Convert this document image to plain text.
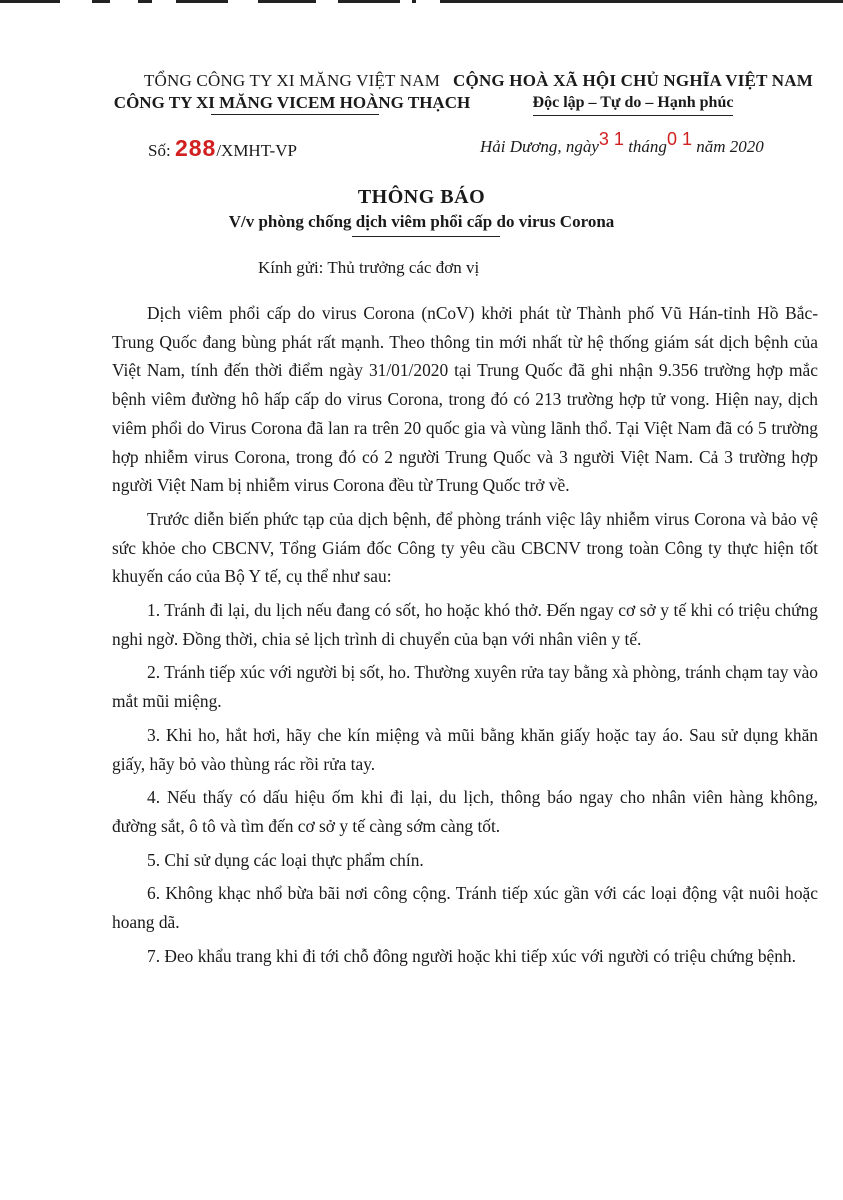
TỔNG CÔNG TY XI MĂNG VIỆT NAM
CÔNG TY XI MĂNG VICEM HOÀNG THẠCH
CỘNG HOÀ XÃ HỘI CHỦ NGHĨA VIỆT NAM
Độc lập – Tự do – Hạnh phúc
Số: 288/XMHT-VP	Hải Dương, ngày3 1 tháng0 1 năm 2020
THÔNG BÁO
V/v phòng chống dịch viêm phổi cấp do virus Corona
Kính gửi: Thủ trưởng các đơn vị

Dịch viêm phổi cấp do virus Corona (nCoV) khởi phát từ Thành phố Vũ Hán-tỉnh Hồ Bắc- Trung Quốc đang bùng phát rất mạnh. Theo thông tin mới nhất từ hệ thống giám sát dịch bệnh của Việt Nam, tính đến thời điểm ngày 31/01/2020 tại Trung Quốc đã ghi nhận 9.356 trường hợp mắc bệnh viêm đường hô hấp cấp do virus Corona, trong đó có 213 trường hợp tử vong. Hiện nay, dịch viêm phổi do Virus Corona đã lan ra trên 20 quốc gia và vùng lãnh thổ. Tại Việt Nam đã có 5 trường hợp nhiễm virus Corona, trong đó có 2 người Trung Quốc và 3 người Việt Nam. Cả 3 trường hợp người Việt Nam bị nhiễm virus Corona đều từ Trung Quốc trở về.

Trước diễn biến phức tạp của dịch bệnh, để phòng tránh việc lây nhiễm virus Corona và bảo vệ sức khỏe cho CBCNV, Tổng Giám đốc Công ty yêu cầu CBCNV trong toàn Công ty thực hiện tốt khuyến cáo của Bộ Y tế, cụ thể như sau:

1. Tránh đi lại, du lịch nếu đang có sốt, ho hoặc khó thở. Đến ngay cơ sở y tế khi có triệu chứng nghi ngờ. Đồng thời, chia sẻ lịch trình di chuyển của bạn với nhân viên y tế.

2. Tránh tiếp xúc với người bị sốt, ho. Thường xuyên rửa tay bằng xà phòng, tránh chạm tay vào mắt mũi miệng.

3. Khi ho, hắt hơi, hãy che kín miệng và mũi bằng khăn giấy hoặc tay áo. Sau sử dụng khăn giấy, hãy bỏ vào thùng rác rồi rửa tay.

4. Nếu thấy có dấu hiệu ốm khi đi lại, du lịch, thông báo ngay cho nhân viên hàng không, đường sắt, ô tô và tìm đến cơ sở y tế càng sớm càng tốt.

5. Chỉ sử dụng các loại thực phẩm chín.

6. Không khạc nhổ bừa bãi nơi công cộng. Tránh tiếp xúc gần với các loại động vật nuôi hoặc hoang dã.

7. Đeo khẩu trang khi đi tới chỗ đông người hoặc khi tiếp xúc với người có triệu chứng bệnh.
